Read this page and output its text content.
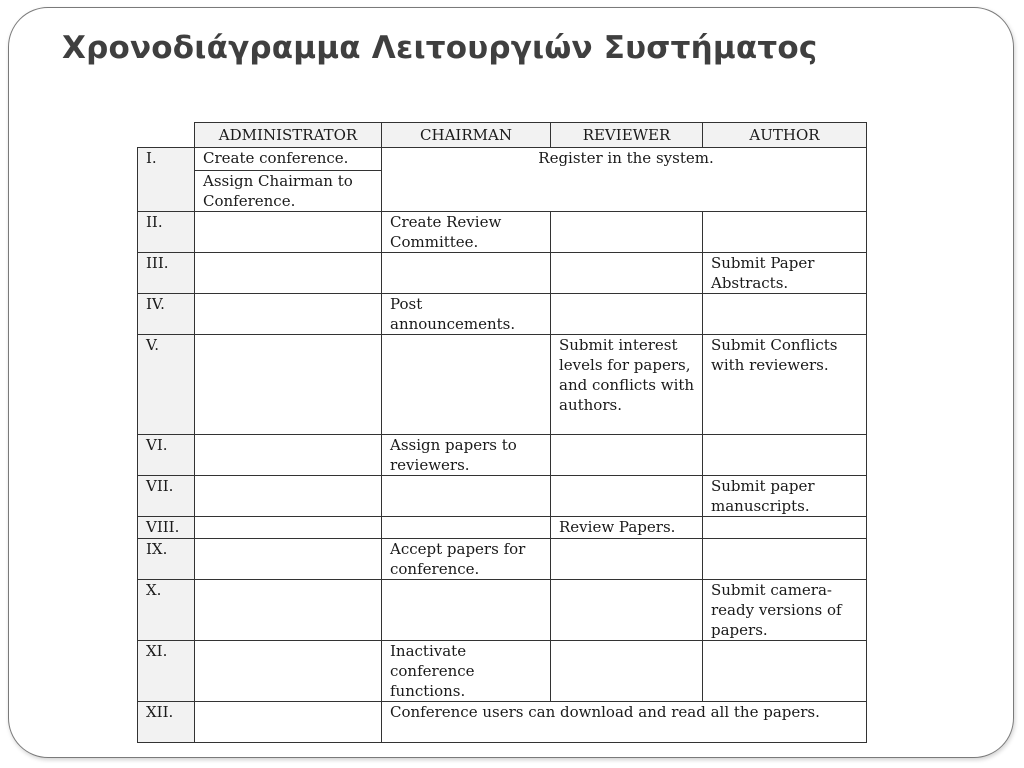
Χρονοδιάγραμμα Λειτουργιών Συστήματος
	ADMINISTRATOR	CHAIRMAN	REVIEWER	AUTHOR
I.	Create conference.	Register in the system.		
	Assign Chairman to Conference.			
II.		Create Review Committee.		
III.				Submit Paper Abstracts.
IV.		Post announcements.		
V.			Submit interest levels for papers, and conflicts with authors.	Submit Conflicts with reviewers.
VI.		Assign papers to reviewers.		
VII.				Submit paper manuscripts.
VIII.			Review Papers.	
IX.		Accept papers for conference.		
X.				Submit camera-ready versions of papers.
XI.		Inactivate conference functions.		
XII.		Conference users can download and read all the papers.		
